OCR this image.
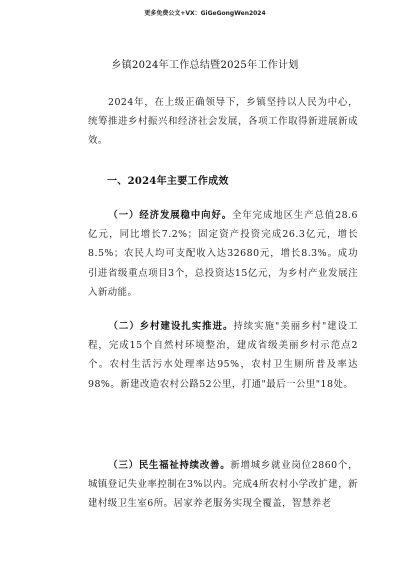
更多免费公文+VX：GiGeGongWen2024
乡镇2024年工作总结暨2025年工作计划

2024年，在上级正确领导下，乡镇坚持以人民为中心，统筹推进乡村振兴和经济社会发展，各项工作取得新进展新成效。

一、2024年主要工作成效

（一）经济发展稳中向好。全年完成地区生产总值28.6亿元，同比增长7.2%；固定资产投资完成26.3亿元，增长8.5%；农民人均可支配收入达32680元，增长8.3%。成功引进省级重点项目3个，总投资达15亿元，为乡村产业发展注入新动能。

（二）乡村建设扎实推进。持续实施"美丽乡村"建设工程，完成15个自然村环境整治，建成省级美丽乡村示范点2个。农村生活污水处理率达95%，农村卫生厕所普及率达98%。新建改造农村公路52公里，打通"最后一公里"18处。

（三）民生福祉持续改善。新增城乡就业岗位2860个，城镇登记失业率控制在3%以内。完成4所农村小学改扩建，新建村级卫生室6所。居家养老服务实现全覆盖，智慧养老
